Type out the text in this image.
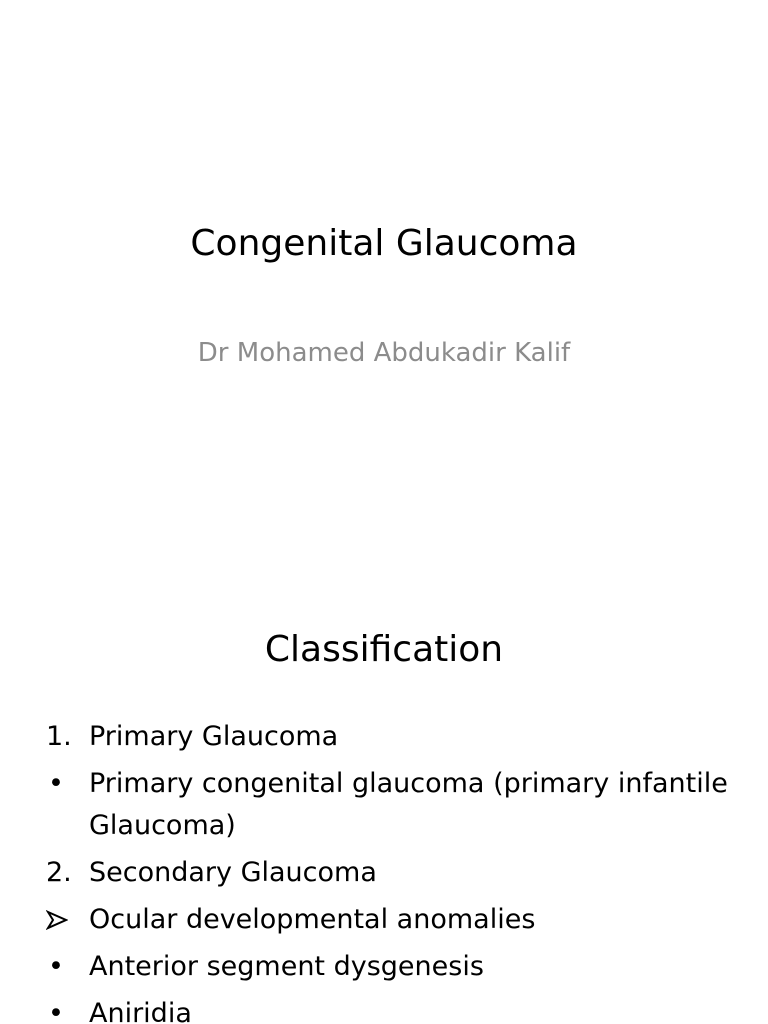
Congenital Glaucoma
Dr Mohamed Abdukadir Kalif
Classification
1. Primary Glaucoma
• Primary congenital glaucoma (primary infantile Glaucoma)
2. Secondary Glaucoma
Ocular developmental anomalies
• Anterior segment dysgenesis
• Aniridia
